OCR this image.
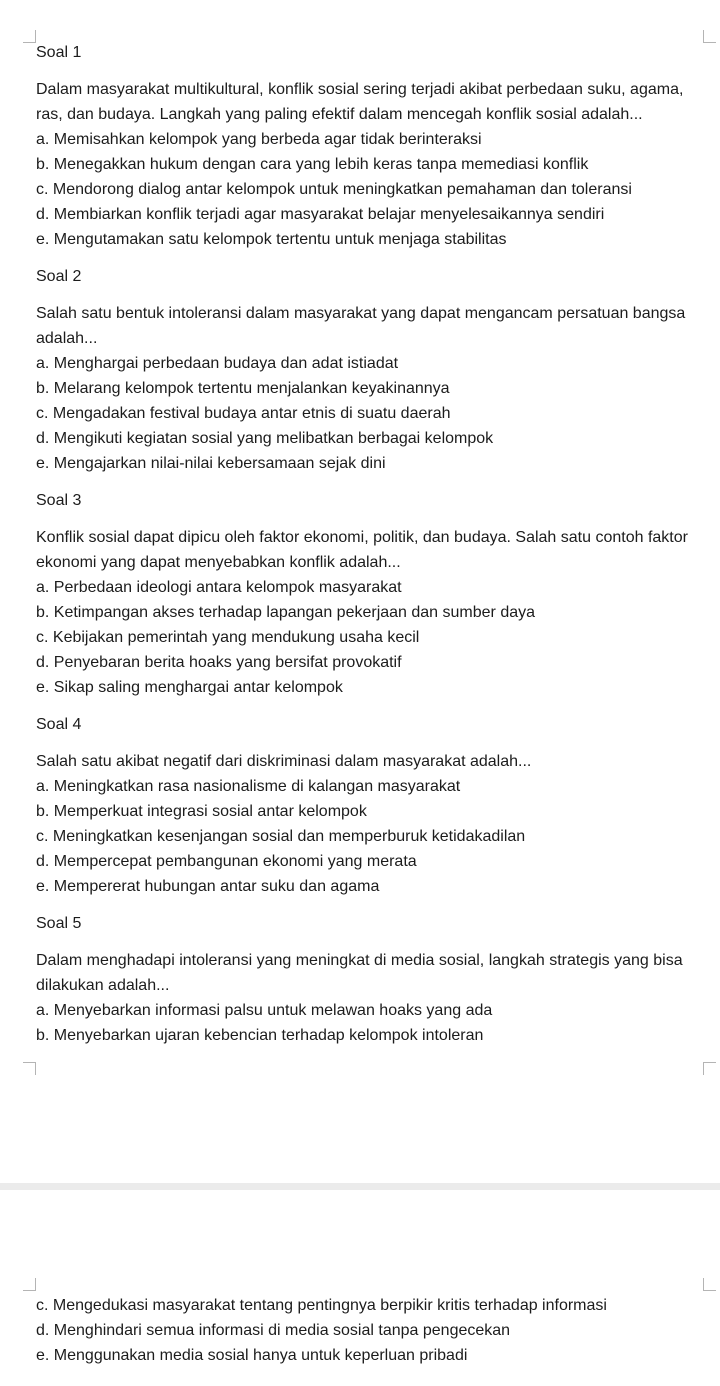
Soal 1

Dalam masyarakat multikultural, konflik sosial sering terjadi akibat perbedaan suku, agama, ras, dan budaya. Langkah yang paling efektif dalam mencegah konflik sosial adalah...

a. Memisahkan kelompok yang berbeda agar tidak berinteraksi
b. Menegakkan hukum dengan cara yang lebih keras tanpa memediasi konflik
c. Mendorong dialog antar kelompok untuk meningkatkan pemahaman dan toleransi
d. Membiarkan konflik terjadi agar masyarakat belajar menyelesaikannya sendiri
e. Mengutamakan satu kelompok tertentu untuk menjaga stabilitas

Soal 2

Salah satu bentuk intoleransi dalam masyarakat yang dapat mengancam persatuan bangsa adalah...

a. Menghargai perbedaan budaya dan adat istiadat
b. Melarang kelompok tertentu menjalankan keyakinannya
c. Mengadakan festival budaya antar etnis di suatu daerah
d. Mengikuti kegiatan sosial yang melibatkan berbagai kelompok
e. Mengajarkan nilai-nilai kebersamaan sejak dini

Soal 3

Konflik sosial dapat dipicu oleh faktor ekonomi, politik, dan budaya. Salah satu contoh faktor ekonomi yang dapat menyebabkan konflik adalah...

a. Perbedaan ideologi antara kelompok masyarakat
b. Ketimpangan akses terhadap lapangan pekerjaan dan sumber daya
c. Kebijakan pemerintah yang mendukung usaha kecil
d. Penyebaran berita hoaks yang bersifat provokatif
e. Sikap saling menghargai antar kelompok

Soal 4

Salah satu akibat negatif dari diskriminasi dalam masyarakat adalah...

a. Meningkatkan rasa nasionalisme di kalangan masyarakat
b. Memperkuat integrasi sosial antar kelompok
c. Meningkatkan kesenjangan sosial dan memperburuk ketidakadilan
d. Mempercepat pembangunan ekonomi yang merata
e. Mempererat hubungan antar suku dan agama

Soal 5

Dalam menghadapi intoleransi yang meningkat di media sosial, langkah strategis yang bisa dilakukan adalah...

a. Menyebarkan informasi palsu untuk melawan hoaks yang ada
b. Menyebarkan ujaran kebencian terhadap kelompok intoleran
c. Mengedukasi masyarakat tentang pentingnya berpikir kritis terhadap informasi
d. Menghindari semua informasi di media sosial tanpa pengecekan
e. Menggunakan media sosial hanya untuk keperluan pribadi
